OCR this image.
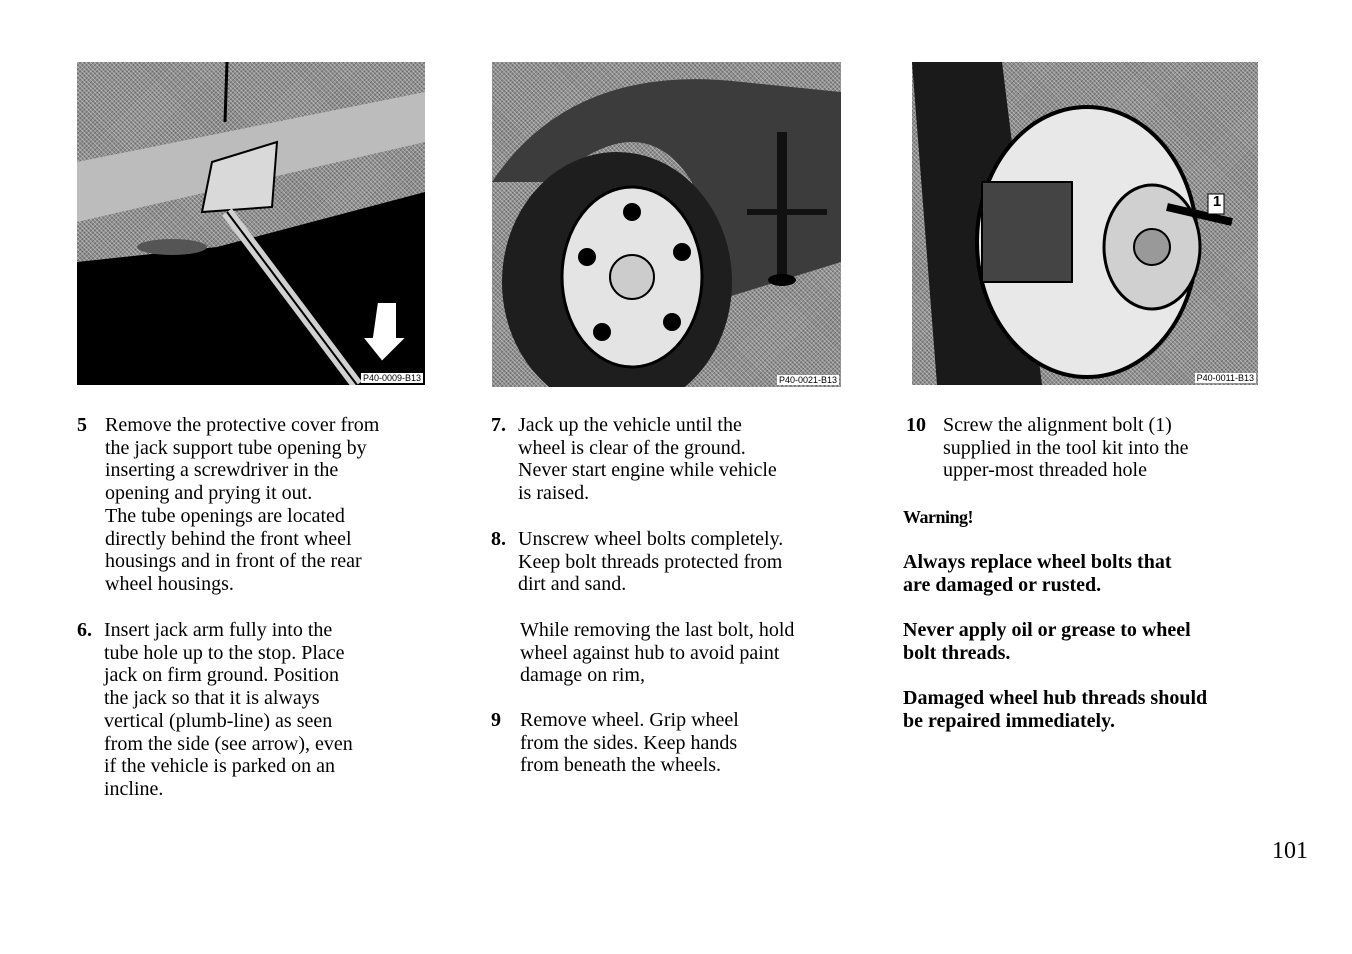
P40-0009-B13	P40-0021-B13
1
P40-0011-B13
5 Remove the protective cover from
the jack support tube opening by
inserting a screwdriver in the
opening and prying it out.
The tube openings are located
directly behind the front wheel
housings and in front of the rear
wheel housings.
6. Insert jack arm fully into the
tube hole up to the stop. Place
jack on firm ground. Position
the jack so that it is always
vertical (plumb-line) as seen
from the side (see arrow), even
if the vehicle is parked on an
incline.
7. Jack up the vehicle until the
wheel is clear of the ground.
Never start engine while vehicle
is raised.
8. Unscrew wheel bolts completely.
Keep bolt threads protected from
dirt and sand.
While removing the last bolt, hold
wheel against hub to avoid paint
damage on rim,
9 Remove wheel. Grip wheel
from the sides. Keep hands
from beneath the wheels.
10 Screw the alignment bolt (1)
supplied in the tool kit into the
upper-most threaded hole
Warning!
Always replace wheel bolts that
are damaged or rusted.
Never apply oil or grease to wheel
bolt threads.
Damaged wheel hub threads should
be repaired immediately.
101
